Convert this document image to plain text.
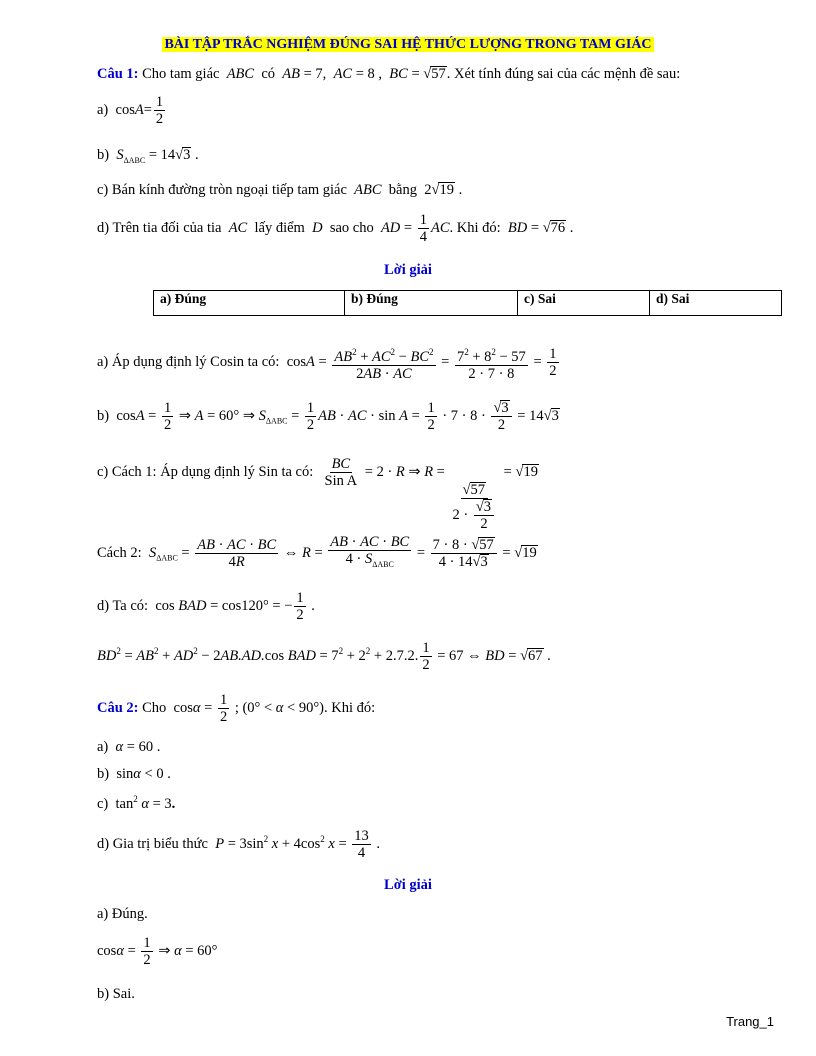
BÀI TẬP TRẮC NGHIỆM ĐÚNG SAI HỆ THỨC LƯỢNG TRONG TAM GIÁC
Câu 1: Cho tam giác ABC  có  AB = 7,  AC = 8 ,  BC = √ 57 . Xét tính đúng sai của các mệnh đề sau:
a)  $\cos A= \frac{1}{2}$
b) $S_{\Delta ABC} = 14$ √ 3 .
c) Bán kính đường tròn ngoại tiếp tam giác ABC bằng  2 √ 19 .
d) Trên tia đối của tia AC lấy điểm D sao cho AD = $\frac{1}{4}$ AC. Khi đó: BD = √ 76 .
Lời giải
a) Đúng	b) Đúng	c) Sai	d) Sai
a) Áp dụng định lý Cosin ta có:  $\cos A = \frac{AB^2 + AC^2 - BC^2}{2AB \cdot AC} = \frac{7^2 + 8^2 - 57}{2 \cdot 7 \cdot 8} = \frac{1}{2}$
b)  $\cos A = \frac{1}{2}$ ⇒ A = 60° ⇒ $S_{\Delta ABC} = \frac{1}{2}$ AB · AC · $\sin A = \frac{1}{2} \cdot 7 \cdot 8 \cdot \frac{√ 3}{2} = 14$ √ 3
c) Cách 1: Áp dụng định lý Sin ta có: $\frac{BC}{\text{Sin A}} = 2 \cdot R$ ⇒ R =
$\frac{√ 57}{2 \cdot \frac{√ 3}{2}}$
= √ 19
Cách 2: $S_{\Delta ABC} = \frac{AB \cdot AC \cdot BC}{4R}$ ⇔ $R = \frac{AB \cdot AC \cdot BC}{4 \cdot S_{\Delta ABC}} = \frac{7 \cdot 8 \cdot √ 57}{4 \cdot 14 √ 3}$ = √ 19
d) Ta có:  cos BAD = cos120° = − $\frac{1}{2}$ .
$BD^2 = AB^2 + AD^2 - 2AB.AD.\cos$ BAD = $7^2 + 2^2 + 2.7.2$. $\frac{1}{2} = 67$ ⇔ BD = √ 67 .
Câu 2: Cho  $\cos\alpha = \frac{1}{2}$ ; (0° < α < 90°). Khi đó:
a) α = 60 .
b)  sinα < 0 .
c)  $\tan^2 \alpha = 3$.
d) Gia trị biểu thức $P = 3\sin^2$ $x + 4\cos^2$ $x = \frac{13}{4}$ .
Lời giải
a) Đúng.
$\cos\alpha = \frac{1}{2}$ ⇒ α = 60°
b) Sai.
Trang_1
